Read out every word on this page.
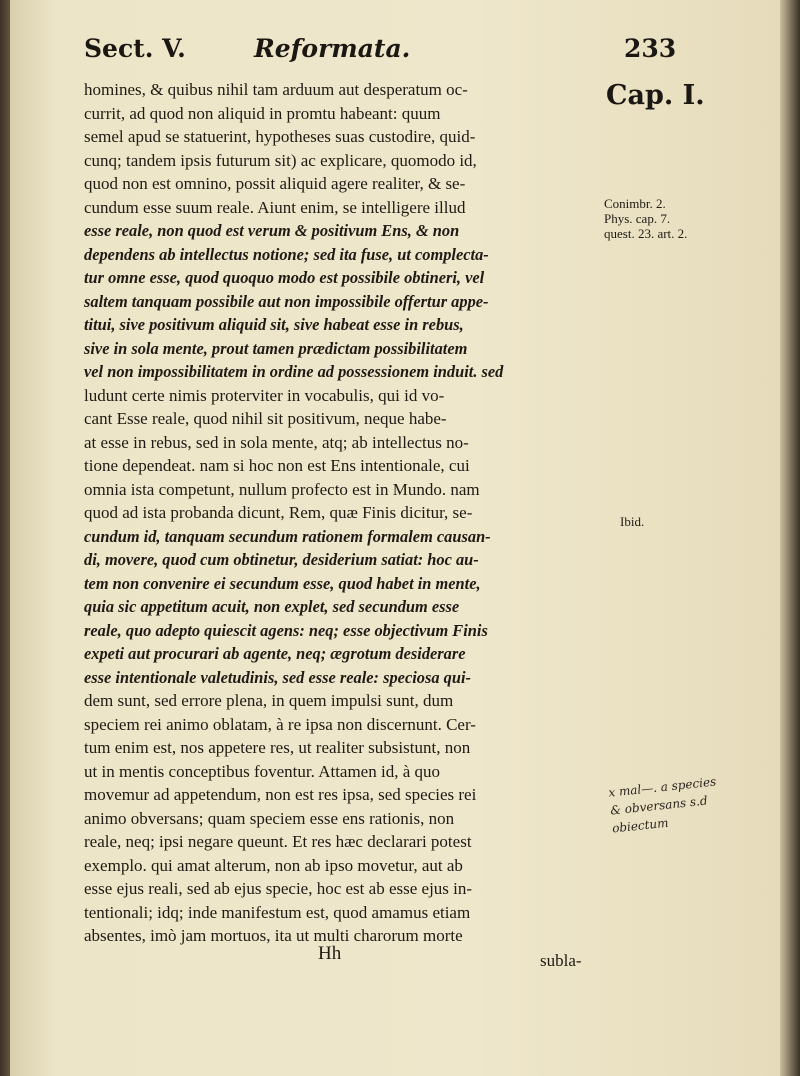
Sect. V.	Reformata.	233
Cap. I.
homines, & quibus nihil tam arduum aut desperatum oc-
currit, ad quod non aliquid in promtu habeant: quum
semel apud se statuerint, hypotheses suas custodire, quid-
cunq; tandem ipsis futurum sit) ac explicare, quomodo id,
quod non est omnino, possit aliquid agere realiter, & se-
cundum esse suum reale. Aiunt enim, se intelligere illud
esse reale, non quod est verum & positivum Ens, & non
dependens ab intellectus notione; sed ita fuse, ut complecta-
tur omne esse, quod quoquo modo est possibile obtineri, vel
saltem tanquam possibile aut non impossibile offertur appe-
titui, sive positivum aliquid sit, sive habeat esse in rebus,
sive in sola mente, prout tamen prædictam possibilitatem
vel non impossibilitatem in ordine ad possessionem induit. sed
ludunt certe nimis proterviter in vocabulis, qui id vo-
cant Esse reale, quod nihil sit positivum, neque habe-
at esse in rebus, sed in sola mente, atq; ab intellectus no-
tione dependeat. nam si hoc non est Ens intentionale, cui
omnia ista competunt, nullum profecto est in Mundo. nam
quod ad ista probanda dicunt, Rem, quæ Finis dicitur, se-
cundum id, tanquam secundum rationem formalem causan-
di, movere, quod cum obtinetur, desiderium satiat: hoc au-
tem non convenire ei secundum esse, quod habet in mente,
quia sic appetitum acuit, non explet, sed secundum esse
reale, quo adepto quiescit agens: neq; esse objectivum Finis
expeti aut procurari ab agente, neq; ægrotum desiderare
esse intentionale valetudinis, sed esse reale: speciosa qui-
dem sunt, sed errore plena, in quem impulsi sunt, dum
speciem rei animo oblatam, à re ipsa non discernunt. Cer-
tum enim est, nos appetere res, ut realiter subsistunt, non
ut in mentis conceptibus foventur. Attamen id, à quo
movemur ad appetendum, non est res ipsa, sed species rei
animo obversans; quam speciem esse ens rationis, non
reale, neq; ipsi negare queunt. Et res hæc declarari potest
exemplo. qui amat alterum, non ab ipso movetur, aut ab
esse ejus reali, sed ab ejus specie, hoc est ab esse ejus in-
tentionali; idq; inde manifestum est, quod amamus etiam
absentes, imò jam mortuos, ita ut multi charorum morte
Conimbr. 2.
Phys. cap. 7.
quest. 23. art. 2.
Ibid.
x mal—. a species
& obversans s.d
obiectum
Hh	subla-
